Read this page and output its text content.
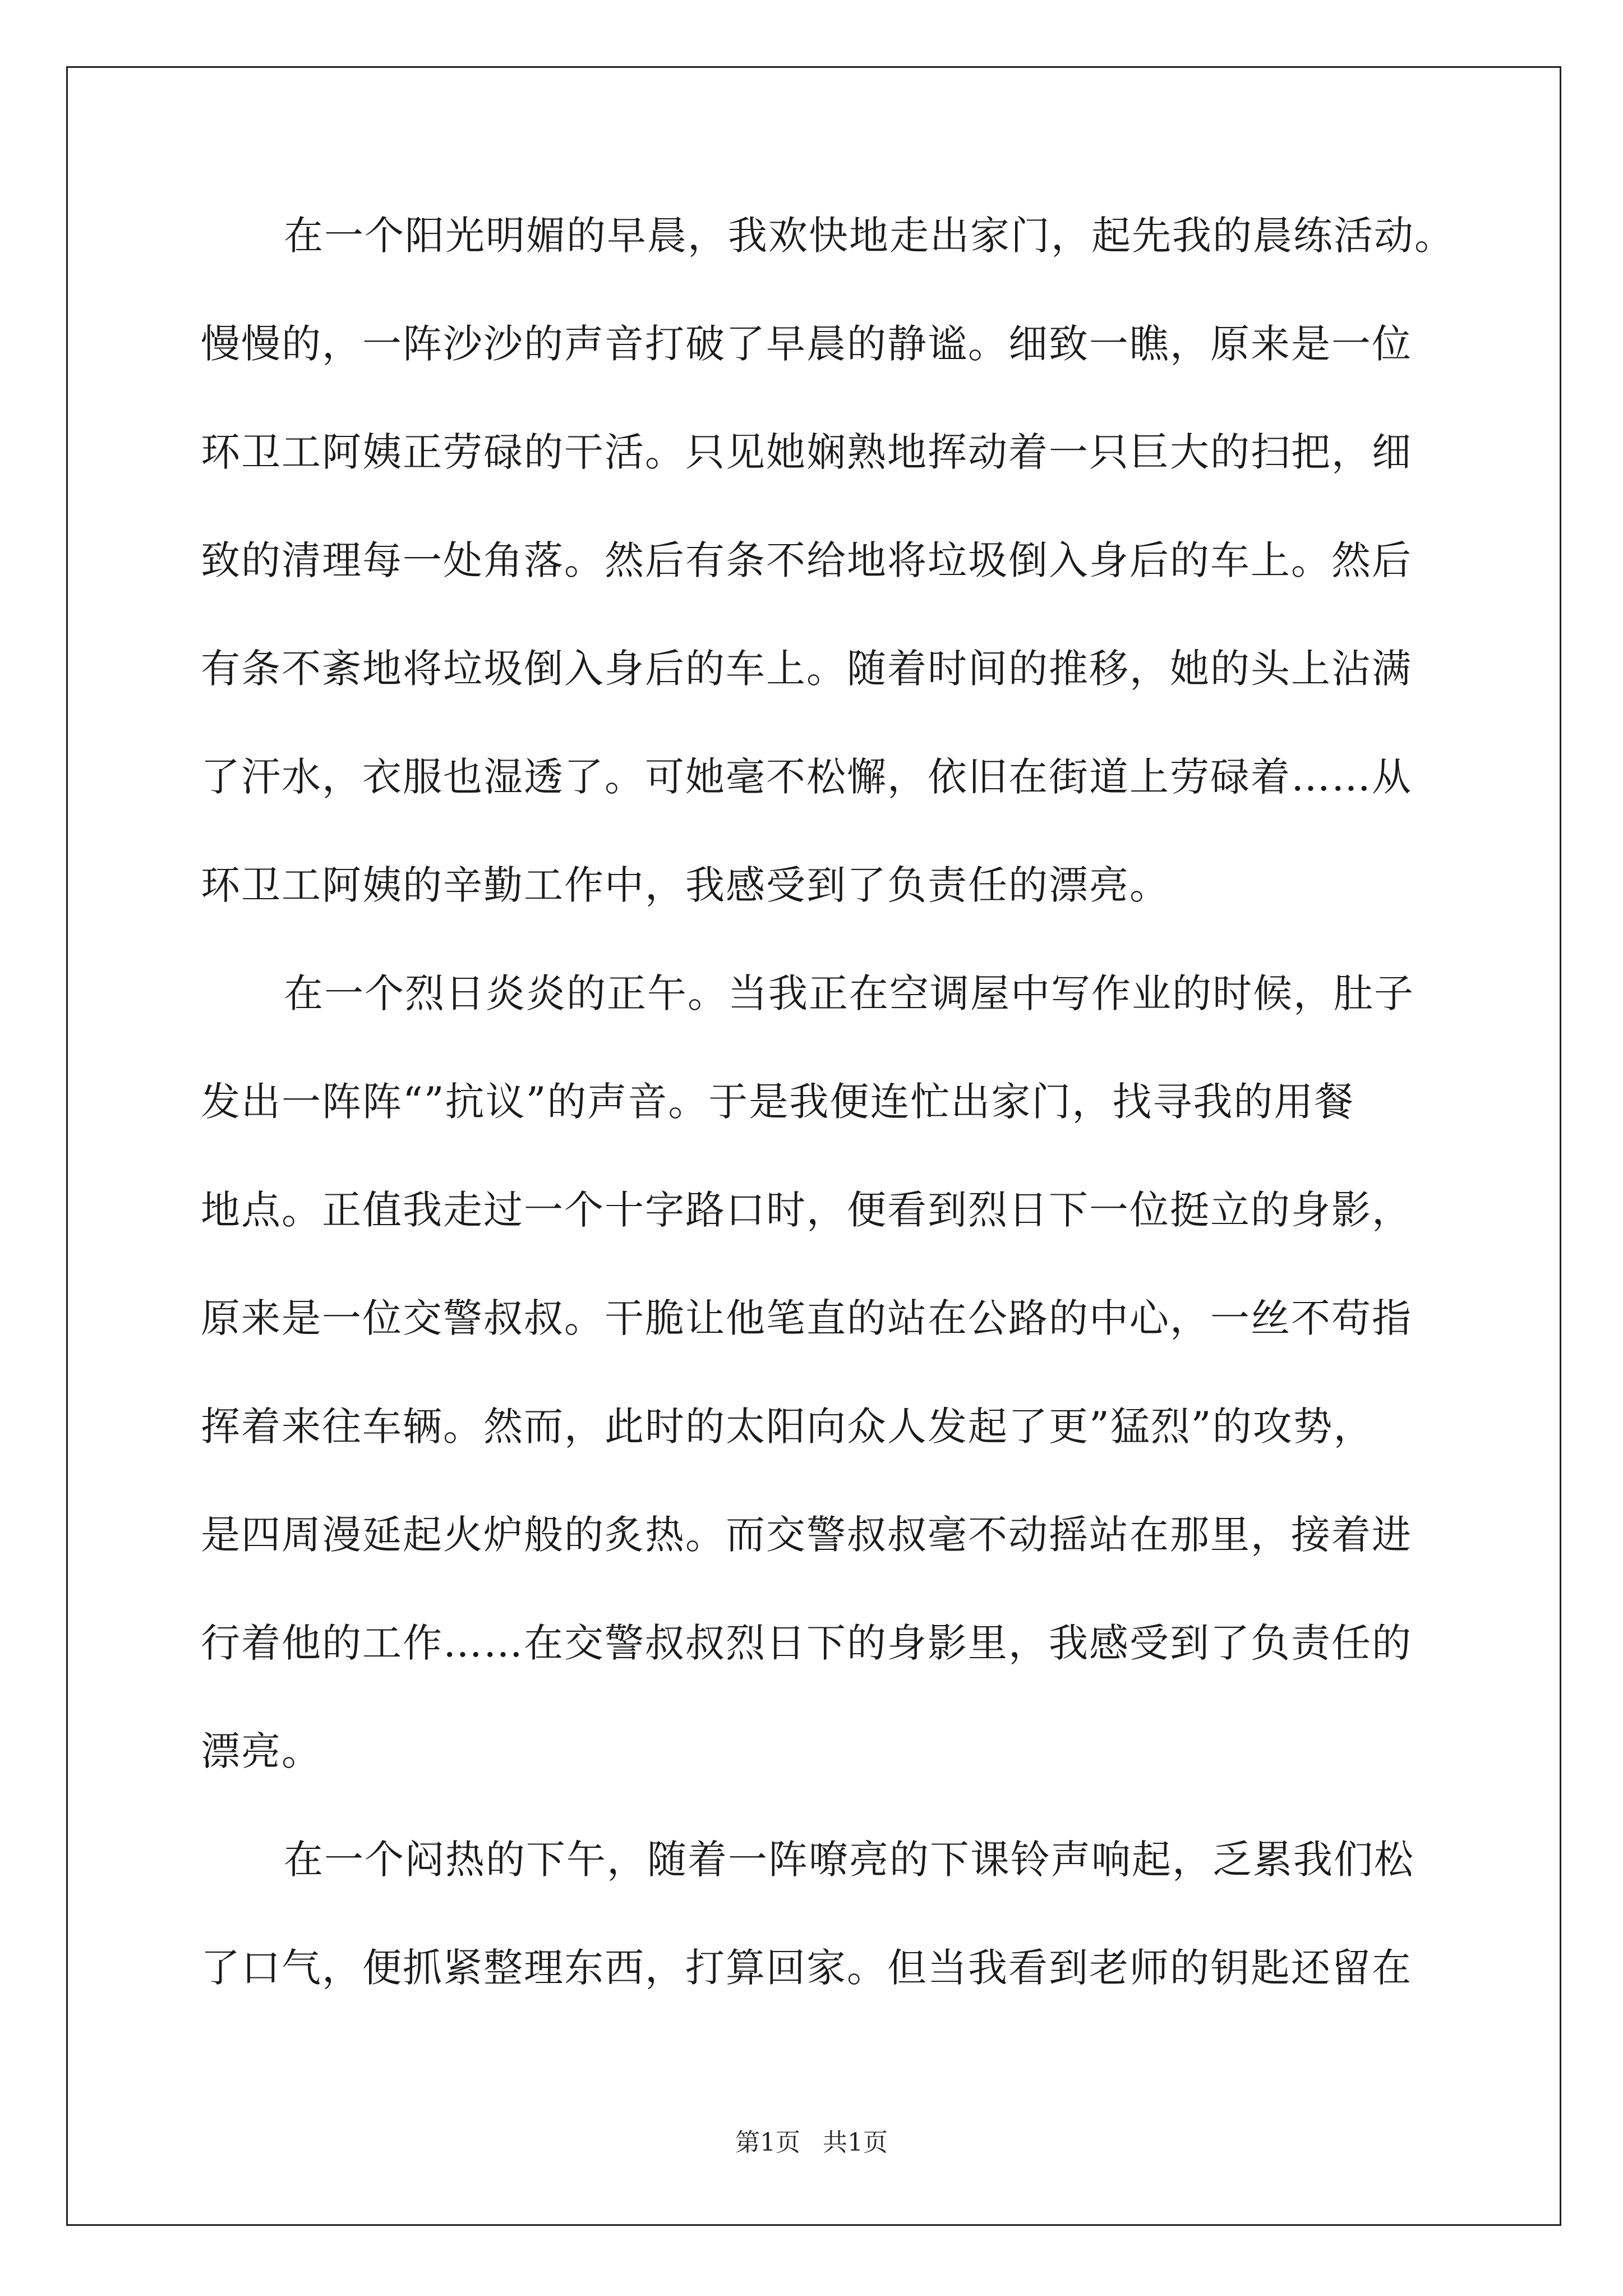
在一个阳光明媚的早晨，我欢快地走出家门，起先我的晨练活动。
慢慢的，一阵沙沙的声音打破了早晨的静谧。细致一瞧，原来是一位
环卫工阿姨正劳碌的干活。只见她娴熟地挥动着一只巨大的扫把，细
致的清理每一处角落。然后有条不给地将垃圾倒入身后的车上。然后
有条不紊地将垃圾倒入身后的车上。随着时间的推移，她的头上沾满
了汗水，衣服也湿透了。可她毫不松懈，依旧在街道上劳碌着……从
环卫工阿姨的辛勤工作中，我感受到了负责任的漂亮。
在一个烈日炎炎的正午。当我正在空调屋中写作业的时候，肚子
发出一阵阵“”抗议”的声音。于是我便连忙出家门，找寻我的用餐
地点。正值我走过一个十字路口时，便看到烈日下一位挺立的身影，
原来是一位交警叔叔。干脆让他笔直的站在公路的中心，一丝不苟指
挥着来往车辆。然而，此时的太阳向众人发起了更”猛烈”的攻势，
是四周漫延起火炉般的炙热。而交警叔叔毫不动摇站在那里，接着进
行着他的工作……在交警叔叔烈日下的身影里，我感受到了负责任的
漂亮。
在一个闷热的下午，随着一阵嘹亮的下课铃声响起，乏累我们松
了口气，便抓紧整理东西，打算回家。但当我看到老师的钥匙还留在
第1页 共1页
